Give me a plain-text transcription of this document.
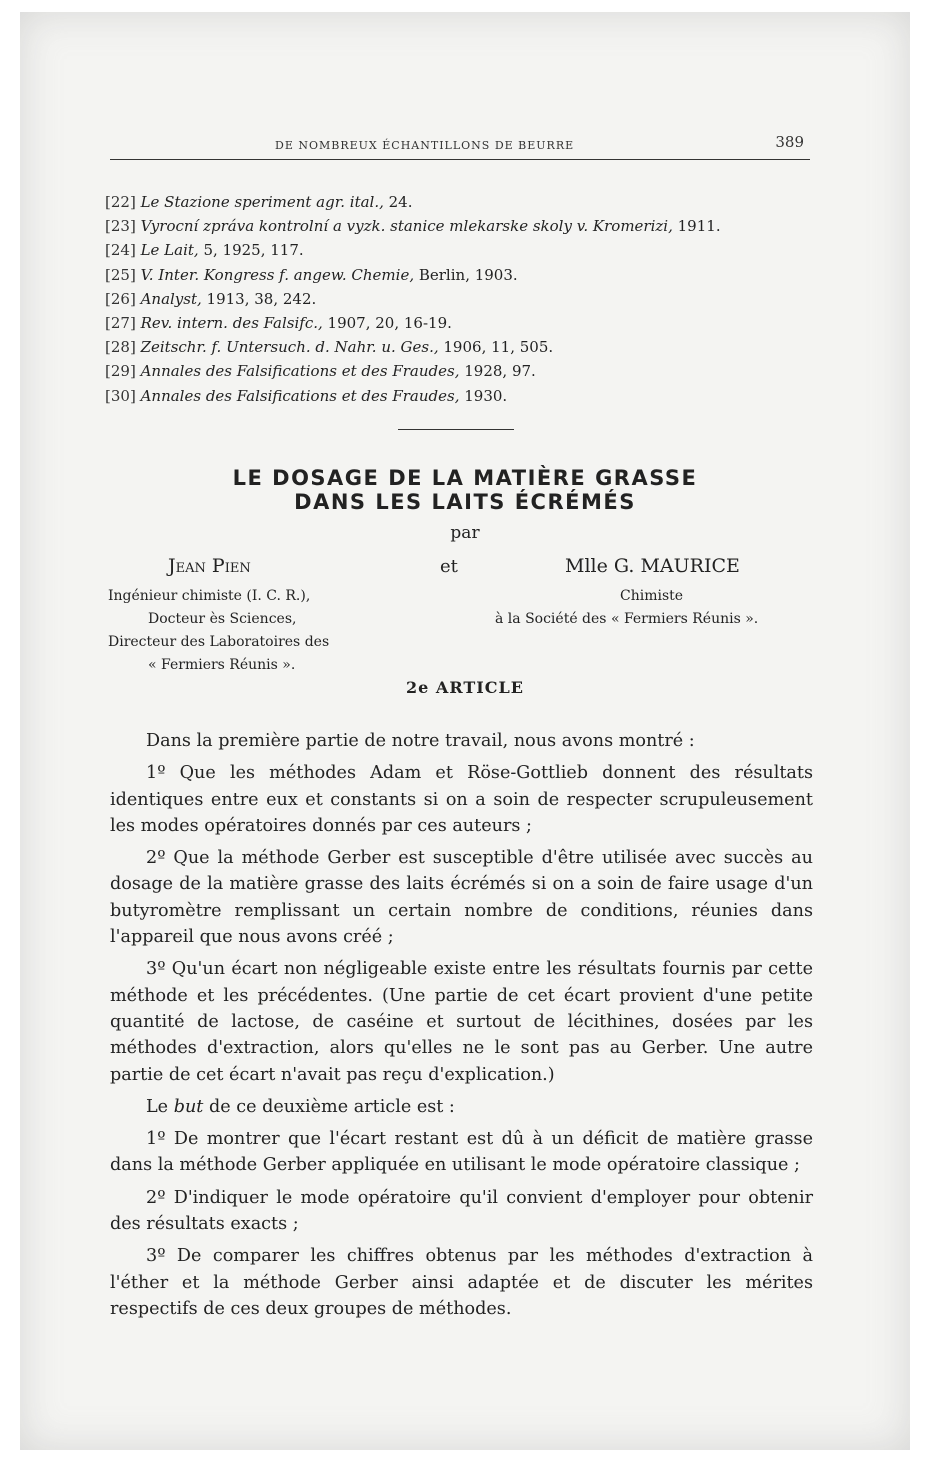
DE NOMBREUX ÉCHANTILLONS DE BEURRE	389
[22] Le Stazione speriment agr. ital., 24.
[23] Vyrocní zpráva kontrolní a vyzk. stanice mlekarske skoly v. Kromerizi, 1911.
[24] Le Lait, 5, 1925, 117.
[25] V. Inter. Kongress f. angew. Chemie, Berlin, 1903.
[26] Analyst, 1913, 38, 242.
[27] Rev. intern. des Falsifc., 1907, 20, 16-19.
[28] Zeitschr. f. Untersuch. d. Nahr. u. Ges., 1906, 11, 505.
[29] Annales des Falsifications et des Fraudes, 1928, 97.
[30] Annales des Falsifications et des Fraudes, 1930.
LE DOSAGE DE LA MATIÈRE GRASSE
DANS LES LAITS ÉCRÉMÉS
par
Jean Pien
Ingénieur chimiste (I. C. R.),
Docteur ès Sciences,
Directeur des Laboratoires des
« Fermiers Réunis ».
et	Mlle G. MAURICE
Chimiste
à la Société des « Fermiers Réunis ».
2e ARTICLE

Dans la première partie de notre travail, nous avons montré :

1º Que les méthodes Adam et Röse-Gottlieb donnent des résultats identiques entre eux et constants si on a soin de respecter scrupuleusement les modes opératoires donnés par ces auteurs ;

2º Que la méthode Gerber est susceptible d'être utilisée avec succès au dosage de la matière grasse des laits écrémés si on a soin de faire usage d'un butyromètre remplissant un certain nombre de conditions, réunies dans l'appareil que nous avons créé ;

3º Qu'un écart non négligeable existe entre les résultats fournis par cette méthode et les précédentes. (Une partie de cet écart provient d'une petite quantité de lactose, de caséine et surtout de lécithines, dosées par les méthodes d'extraction, alors qu'elles ne le sont pas au Gerber. Une autre partie de cet écart n'avait pas reçu d'explication.)

Le but de ce deuxième article est :

1º De montrer que l'écart restant est dû à un déficit de matière grasse dans la méthode Gerber appliquée en utilisant le mode opératoire classique ;

2º D'indiquer le mode opératoire qu'il convient d'employer pour obtenir des résultats exacts ;

3º De comparer les chiffres obtenus par les méthodes d'extraction à l'éther et la méthode Gerber ainsi adaptée et de discuter les mérites respectifs de ces deux groupes de méthodes.
